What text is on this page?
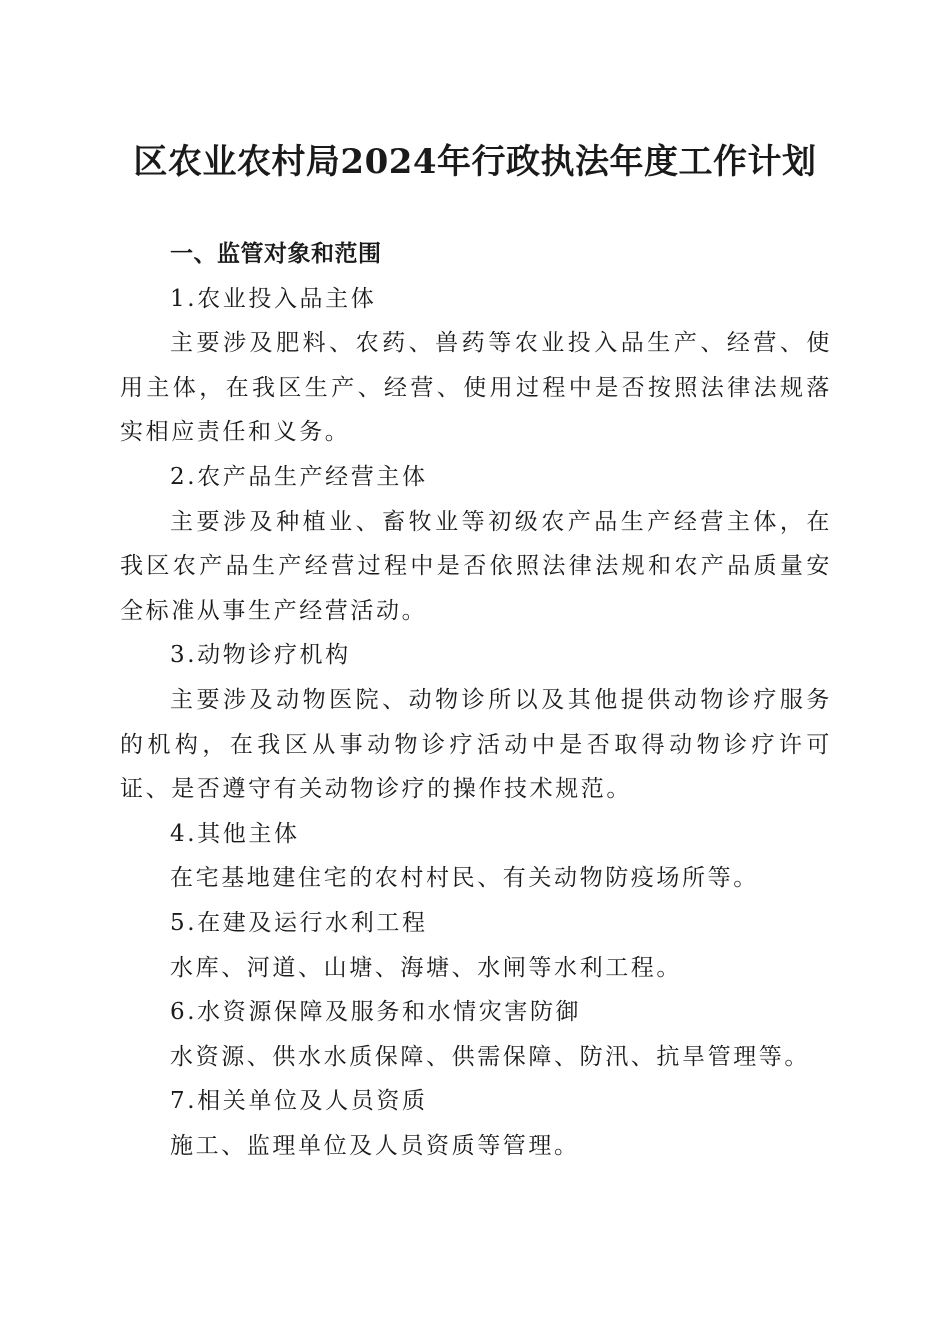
区农业农村局2024年行政执法年度工作计划

一、监管对象和范围

1.农业投入品主体

主要涉及肥料、农药、兽药等农业投入品生产、经营、使用主体，在我区生产、经营、使用过程中是否按照法律法规落实相应责任和义务。

2.农产品生产经营主体

主要涉及种植业、畜牧业等初级农产品生产经营主体，在我区农产品生产经营过程中是否依照法律法规和农产品质量安全标准从事生产经营活动。

3.动物诊疗机构

主要涉及动物医院、动物诊所以及其他提供动物诊疗服务的机构，在我区从事动物诊疗活动中是否取得动物诊疗许可证、是否遵守有关动物诊疗的操作技术规范。

4.其他主体

在宅基地建住宅的农村村民、有关动物防疫场所等。

5.在建及运行水利工程

水库、河道、山塘、海塘、水闸等水利工程。

6.水资源保障及服务和水情灾害防御

水资源、供水水质保障、供需保障、防汛、抗旱管理等。

7.相关单位及人员资质

施工、监理单位及人员资质等管理。
